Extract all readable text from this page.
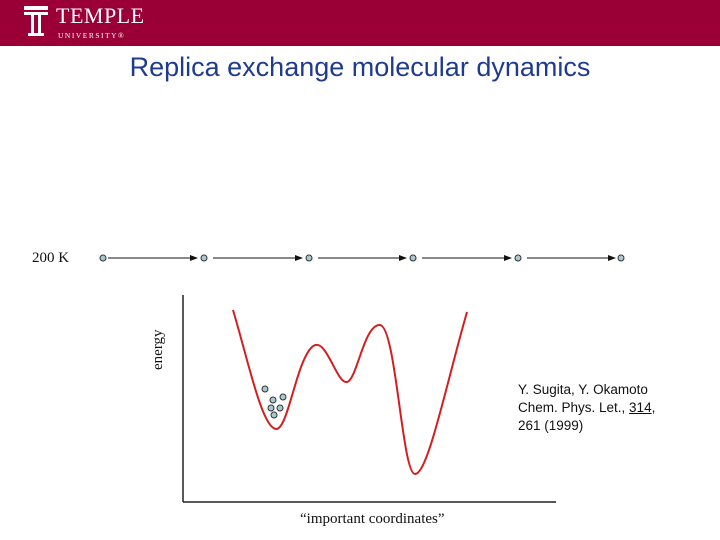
TEMPLE
UNIVERSITY®
Replica exchange molecular dynamics
200 K
energy
“important coordinates”
Y. Sugita, Y. Okamoto
Chem. Phys. Let., 314,
261 (1999)
